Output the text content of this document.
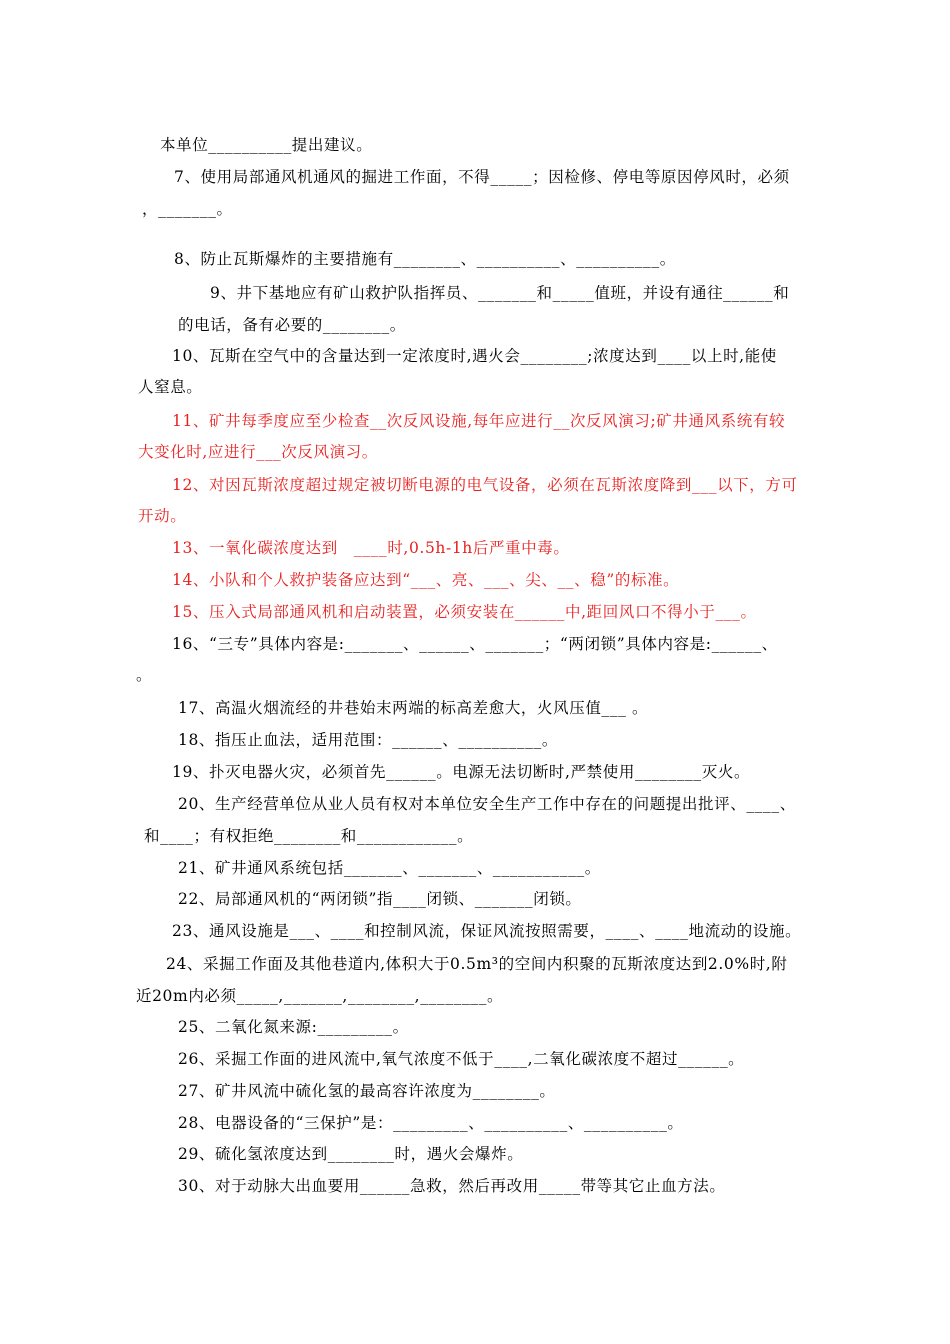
本单位__________提出建议。
7、使用局部通风机通风的掘进工作面，不得_____；因检修、停电等原因停风时，必须
，_______。
8、防止瓦斯爆炸的主要措施有________、__________、__________。
9、井下基地应有矿山救护队指挥员、_______和_____值班，并设有通往______和
的电话，备有必要的________。
10、瓦斯在空气中的含量达到一定浓度时,遇火会________;浓度达到____以上时,能使
人窒息。
11、矿井每季度应至少检查__次反风设施,每年应进行__次反风演习;矿井通风系统有较
大变化时,应进行___次反风演习。
12、对因瓦斯浓度超过规定被切断电源的电气设备，必须在瓦斯浓度降到___以下，方可
开动。
13、一氧化碳浓度达到　____时,0.5h-1h后严重中毒。
14、小队和个人救护装备应达到“___、亮、___、尖、__、稳”的标准。
15、压入式局部通风机和启动装置，必须安装在______中,距回风口不得小于___。
16、“三专”具体内容是:_______、______、_______；“两闭锁”具体内容是:______、
。
17、高温火烟流经的井巷始末两端的标高差愈大，火风压值___ 。
18、指压止血法，适用范围：______、__________。
19、扑灭电器火灾，必须首先______。电源无法切断时,严禁使用________灭火。
20、生产经营单位从业人员有权对本单位安全生产工作中存在的问题提出批评、____、
和____；有权拒绝________和____________。
21、矿井通风系统包括_______、_______、___________。
22、局部通风机的“两闭锁”指____闭锁、_______闭锁。
23、通风设施是___、____和控制风流，保证风流按照需要，____、____地流动的设施。
24、采掘工作面及其他巷道内,体积大于0.5m³的空间内积聚的瓦斯浓度达到2.0%时,附
近20m内必须_____,_______,________,________。
25、二氧化氮来源:_________。
26、采掘工作面的进风流中,氧气浓度不低于____,二氧化碳浓度不超过______。
27、矿井风流中硫化氢的最高容许浓度为________。
28、电器设备的“三保护”是：_________、__________、__________。
29、硫化氢浓度达到________时，遇火会爆炸。
30、对于动脉大出血要用______急救，然后再改用_____带等其它止血方法。
